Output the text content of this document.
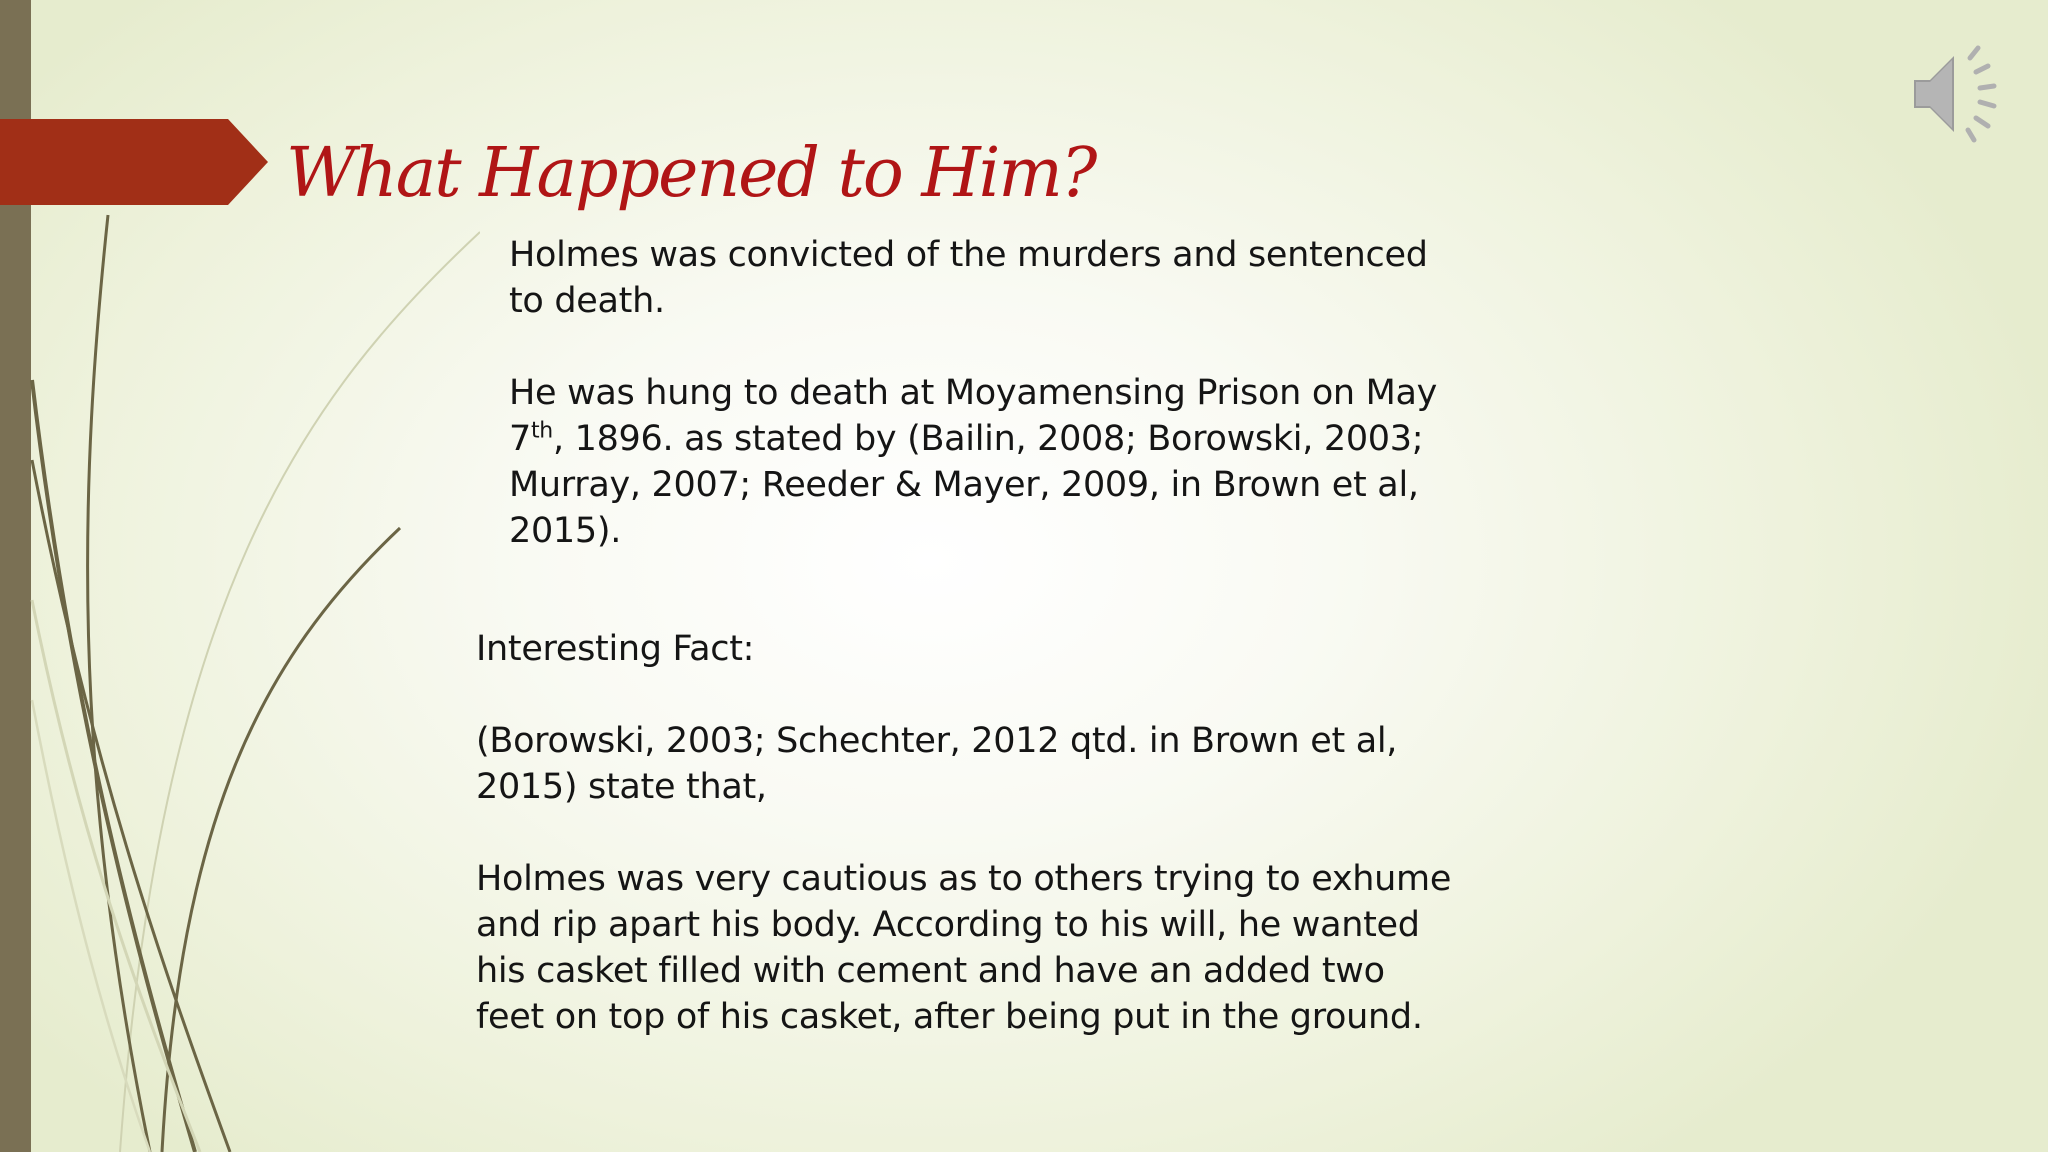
What Happened to Him?

Holmes was convicted of the murders and sentenced to death.

He was hung to death at Moyamensing Prison on May 7th, 1896. as stated by (Bailin, 2008; Borowski, 2003; Murray, 2007; Reeder & Mayer, 2009, in Brown et al, 2015).

Interesting Fact:

(Borowski, 2003; Schechter, 2012 qtd. in Brown et al, 2015) state that,

Holmes was very cautious as to others trying to exhume and rip apart his body. According to his will, he wanted his casket filled with cement and have an added two feet on top of his casket, after being put in the ground.
